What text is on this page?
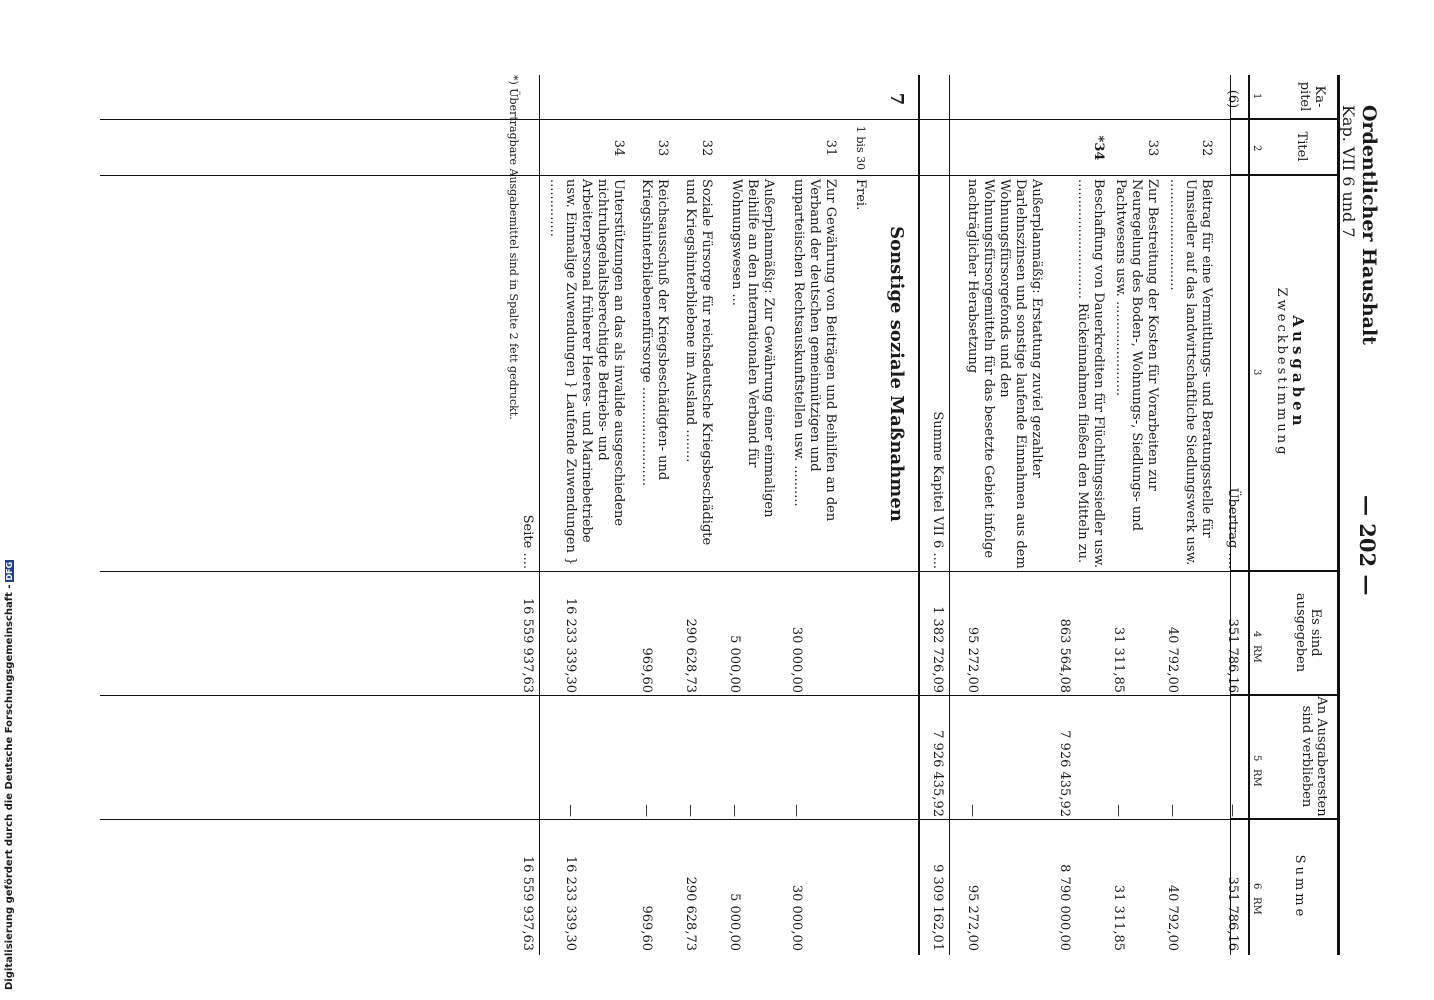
Ordentlicher Haushalt
Kap. VII 6 und 7
— 202 —
Ka-pitel
Titel
Ausgaben
Zweckbestimmung
Es sind ausgegeben
An Ausgaberesten sind verblieben
Summe
1
2
3
4
5
6
RM
RM
RM
(6)
Übertrag ....
351 786,16
—
351 786,16
32
Beitrag für eine Vermittlungs- und Beratungsstelle für Umsiedler auf das landwirtschaftliche Siedlungswerk usw. ...........................
40 792,00
—
40 792,00
33
Zur Bestreitung der Kosten für Vorarbeiten zur Neuregelung des Boden-, Wohnungs-, Siedlungs- und Pachtwesens usw. .......................
31 311,85
—
31 311,85
*34
Beschaffung von Dauerkrediten für Flüchtlingssiedler usw. ............................. Rückeinnahmen fließen den Mitteln zu.
863 564,08
7 926 435,92
8 790 000,00
Außerplanmäßig: Erstattung zuviel gezahlter Darlehnszinsen und sonstige laufende Einnahmen aus dem Wohnungsfürsorgefonds und den Wohnungsfürsorgemitteln für das besetzte Gebiet infolge nachträglicher Herabsetzung
95 272,00
—
95 272,00
Summe Kapitel VII 6 ....
1 382 726,09
7 926 435,92
9 309 162,01
7
Sonstige soziale Maßnahmen
1 bis 30
Frei.
31
Zur Gewährung von Beiträgen und Beihilfen an den Verband der deutschen gemeinnützigen und unparteiischen Rechtsauskunftstellen usw. ..........
30 000,00
—
30 000,00
Außerplanmäßig: Zur Gewährung einer einmaligen Beihilfe an den Internationalen Verband für Wohnungswesen ...
5 000,00
—
5 000,00
32
Soziale Fürsorge für reichsdeutsche Kriegsbeschädigte und Kriegshinterbliebene im Ausland ........
290 628,73
—
290 628,73
33
Reichsausschuß der Kriegsbeschädigten- und Kriegshinterbliebenenfürsorge ........................
969,60
—
969,60
34
Unterstützungen an das als invalide ausgeschiedene nichtruhegehaltsberechtigte Betriebs- und Arbeiterpersonal früherer Heeres- und Marinebetriebe usw. Einmalige Zuwendungen } Laufende Zuwendungen } ..............
16 233 339,30
—
16 233 339,30
Seite ....
16 559 937,63
16 559 937,63
*) Übertragbare Ausgabemittel sind in Spalte 2 fett gedruckt.
Digitalisierung gefördert durch die Deutsche Forschungsgemeinschaft -DFG
